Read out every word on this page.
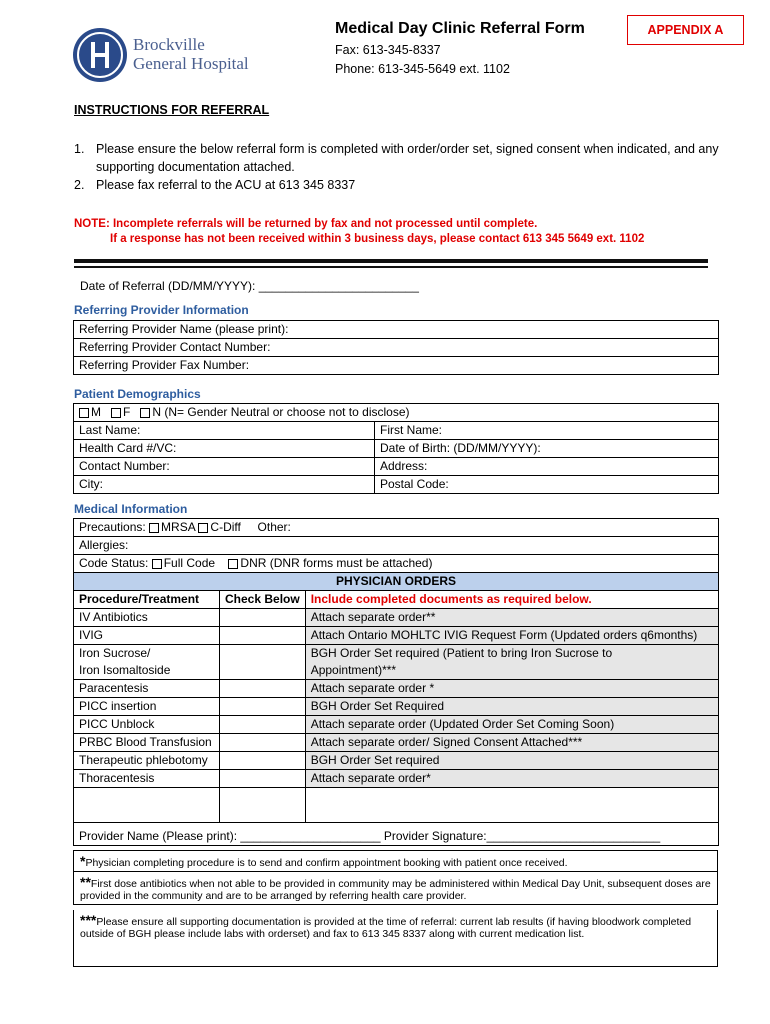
Brockville
General Hospital
Medical Day Clinic Referral Form
Fax: 613-345-8337
Phone: 613-345-5649 ext. 1102
APPENDIX A
INSTRUCTIONS FOR REFERRAL
1. Please ensure the below referral form is completed with order/order set, signed consent when indicated, and any supporting documentation attached.
2. Please fax referral to the ACU at 613 345 8337
NOTE: Incomplete referrals will be returned by fax and not processed until complete.
If a response has not been received within 3 business days, please contact 613 345 5649 ext. 1102
Date of Referral (DD/MM/YYYY): ________________________
Referring Provider Information
Referring Provider Name (please print):
Referring Provider Contact Number:
Referring Provider Fax Number:
Patient Demographics
M F N (N= Gender Neutral or choose not to disclose)	
Last Name:	First Name:
Health Card #/VC:	Date of Birth: (DD/MM/YYYY):
Contact Number:	Address:
City:	Postal Code:
Medical Information
Precautions: MRSA C-Diff Other:		
Allergies:		
Code Status: Full Code DNR (DNR forms must be attached)		
PHYSICIAN ORDERS		
Procedure/Treatment	Check Below	Include completed documents as required below.
IV Antibiotics		Attach separate order**
IVIG		Attach Ontario MOHLTC IVIG Request Form (Updated orders q6months)
Iron Sucrose/		BGH Order Set required (Patient to bring Iron Sucrose to
Iron Isomaltoside		Appointment)***
Paracentesis		Attach separate order *
PICC insertion		BGH Order Set Required
PICC Unblock		Attach separate order (Updated Order Set Coming Soon)
PRBC Blood Transfusion		Attach separate order/ Signed Consent Attached***
Therapeutic phlebotomy		BGH Order Set required
Thoracentesis		Attach separate order*

Provider Name (Please print): _____________________ Provider Signature:__________________________		
*Physician completing procedure is to send and confirm appointment booking with patient once received.
**First dose antibiotics when not able to be provided in community may be administered within Medical Day Unit, subsequent doses are provided in the community and are to be arranged by referring health care provider.
***Please ensure all supporting documentation is provided at the time of referral: current lab results (if having bloodwork completed outside of BGH please include labs with orderset) and fax to 613 345 8337 along with current medication list.
